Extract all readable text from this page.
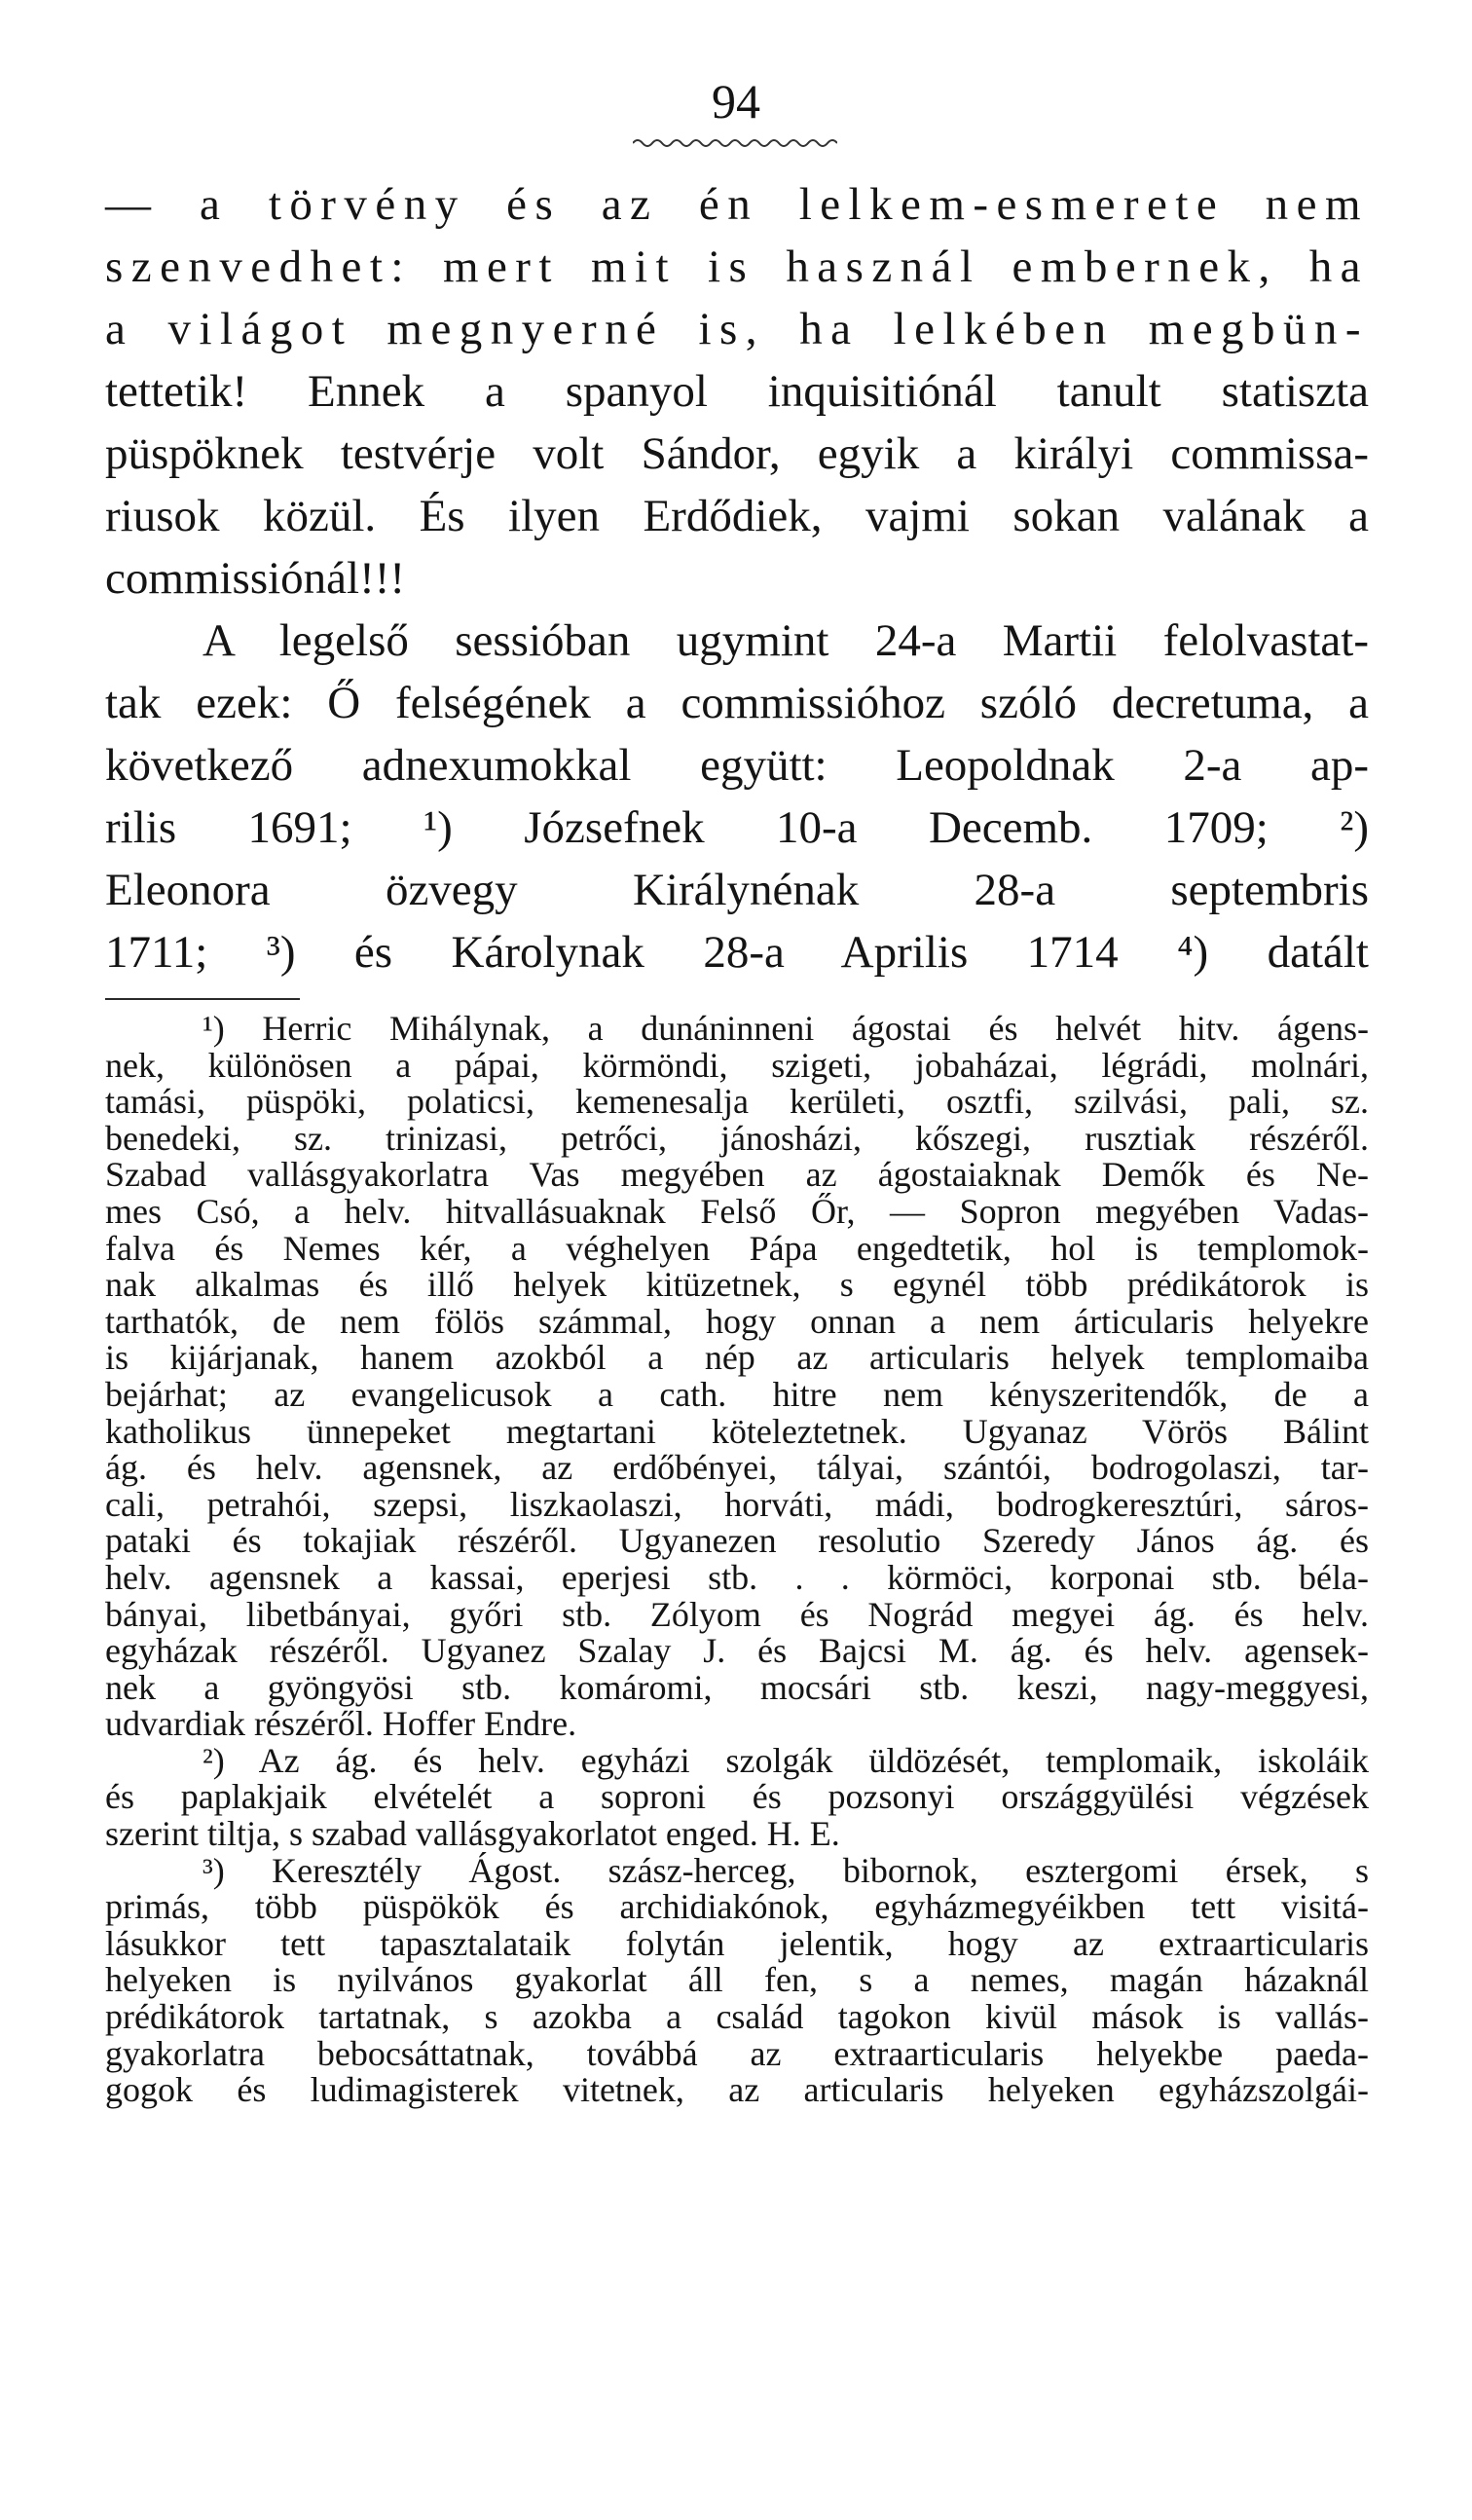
94
— a törvény és az én lelkem-esmerete nem
szenvedhet: mert mit is használ embernek, ha
a világot megnyerné is, ha lelkében megbün-
tettetik! Ennek a spanyol inquisitiónál tanult statiszta
püspöknek testvérje volt Sándor, egyik a királyi commissa-
riusok közül. És ilyen Erdődiek, vajmi sokan valának a
commissiónál!!!
A legelső sessióban ugymint 24-a Martii felolvastat-
tak ezek: Ő felségének a commissióhoz szóló decretuma, a
következő adnexumokkal együtt: Leopoldnak 2-a ap-
rilis 1691; ¹) Józsefnek 10-a Decemb. 1709; ²)
Eleonora özvegy Királynénak 28-a septembris
1711; ³) és Károlynak 28-a Aprilis 1714 ⁴) datált
¹) Herric Mihálynak, a dunáninneni ágostai és helvét hitv. ágens-
nek, különösen a pápai, körmöndi, szigeti, jobaházai, légrádi, molnári,
tamási, püspöki, polaticsi, kemenesalja kerületi, osztfi, szilvási, pali, sz.
benedeki, sz. trinizasi, petrőci, jánosházi, kőszegi, rusztiak részéről.
Szabad vallásgyakorlatra Vas megyében az ágostaiaknak Demők és Ne-
mes Csó, a helv. hitvallásuaknak Felső Őr, — Sopron megyében Vadas-
falva és Nemes kér, a véghelyen Pápa engedtetik, hol is templomok-
nak alkalmas és illő helyek kitüzetnek, s egynél több prédikátorok is
tarthatók, de nem fölös számmal, hogy onnan a nem árticularis helyekre
is kijárjanak, hanem azokból a nép az articularis helyek templomaiba
bejárhat; az evangelicusok a cath. hitre nem kényszeritendők, de a
katholikus ünnepeket megtartani köteleztetnek. Ugyanaz Vörös Bálint
ág. és helv. agensnek, az erdőbényei, tályai, szántói, bodrogolaszi, tar-
cali, petrahói, szepsi, liszkaolaszi, horváti, mádi, bodrogkeresztúri, sáros-
pataki és tokajiak részéről. Ugyanezen resolutio Szeredy János ág. és
helv. agensnek a kassai, eperjesi stb. . . körmöci, korponai stb. béla-
bányai, libetbányai, győri stb. Zólyom és Nográd megyei ág. és helv.
egyházak részéről. Ugyanez Szalay J. és Bajcsi M. ág. és helv. agensek-
nek a gyöngyösi stb. komáromi, mocsári stb. keszi, nagy-meggyesi,
udvardiak részéről. Hoffer Endre.
²) Az ág. és helv. egyházi szolgák üldözését, templomaik, iskoláik
és paplakjaik elvételét a soproni és pozsonyi országgyülési végzések
szerint tiltja, s szabad vallásgyakorlatot enged. H. E.
³) Keresztély Ágost. szász-herceg, bibornok, esztergomi érsek, s
primás, több püspökök és archidiakónok, egyházmegyéikben tett visitá-
lásukkor tett tapasztalataik folytán jelentik, hogy az extraarticularis
helyeken is nyilvános gyakorlat áll fen, s a nemes, magán házaknál
prédikátorok tartatnak, s azokba a család tagokon kivül mások is vallás-
gyakorlatra bebocsáttatnak, továbbá az extraarticularis helyekbe paeda-
gogok és ludimagisterek vitetnek, az articularis helyeken egyházszolgái-
